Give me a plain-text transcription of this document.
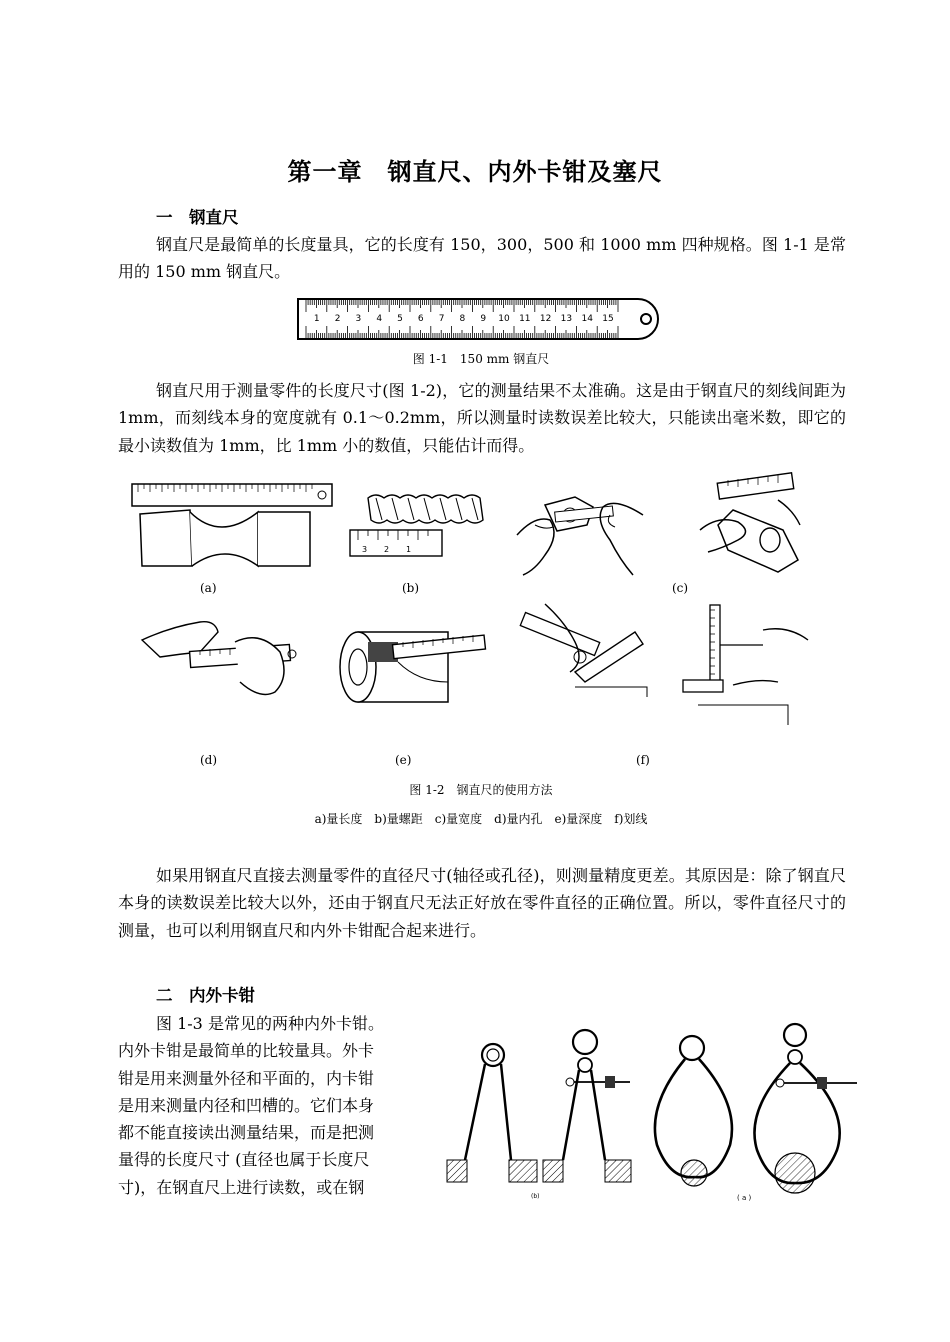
第一章　钢直尺、内外卡钳及塞尺
一　钢直尺
钢直尺是最简单的长度量具，它的长度有 150，300，500 和 1000 mm 四种规格。图 1-1 是常用的 150 mm 钢直尺。
1 2 3 4 5 6 7 8 9 10 11 12 13 14 15
图 1-1　150 mm 钢直尺
钢直尺用于测量零件的长度尺寸(图 1-2)，它的测量结果不太准确。这是由于钢直尺的刻线间距为 1mm，而刻线本身的宽度就有 0.1～0.2mm，所以测量时读数误差比较大，只能读出毫米数，即它的最小读数值为 1mm，比 1mm 小的数值，只能估计而得。
3 2 1
(a)	(b)	(c)
(d)	(e)	(f)
图 1-2　钢直尺的使用方法
a)量长度　b)量螺距　c)量宽度　d)量内孔　e)量深度　f)划线
如果用钢直尺直接去测量零件的直径尺寸(轴径或孔径)，则测量精度更差。其原因是：除了钢直尺本身的读数误差比较大以外，还由于钢直尺无法正好放在零件直径的正确位置。所以，零件直径尺寸的测量，也可以利用钢直尺和内外卡钳配合起来进行。
二　内外卡钳
图 1-3 是常见的两种内外卡钳。
内外卡钳是最简单的比较量具。外卡
钳是用来测量外径和平面的，内卡钳
是用来测量内径和凹槽的。它们本身
都不能直接读出测量结果，而是把测
量得的长度尺寸 (直径也属于长度尺
寸)，在钢直尺上进行读数，或在钢	(b)	( a )
